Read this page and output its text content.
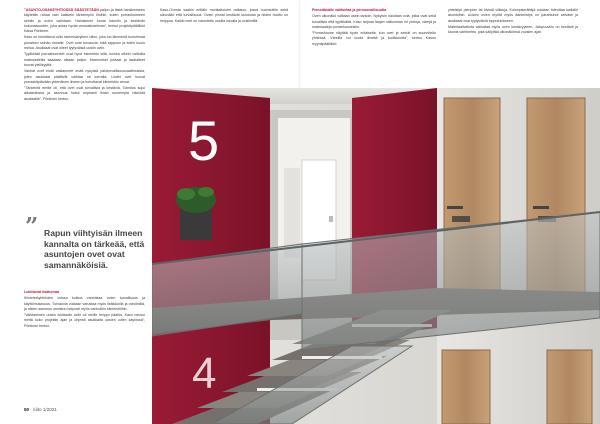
”ASUNTO-OSAKEYHTIÖSSÄ SÄÄSTETÄÄN paljon ja tästä hankkeeseen käytettiin rahaa vain kaikkein tärkeimpiin tiloihin, kuten porrashuoneen seiniin ja ovien valintaan. Halusimme luoda kauniin ja kestävän kokonaisuuden, joka antaa hyvän ensivaikutelman”, kertoo projektipäällikkö Kaisa Pöntinen.

Kaso on toimittanut oviin tammisävyisen viilun, joka luo lämmintä tunnelmaa punaisen seinän rinnalle. Ovet ovat turvaovia, eikä rappuun ja kotiin kuulu melua. Asukkaat ovat olleet tyytyväisiä uusiin oviin.

Tyylikkäät porrashuoneet ovat hyvä esimerkki siitä, kuinka oikein valituilla materiaaleilla saadaan aikaan paljon. Marmoriset portaat ja lasikaiteet tuovat ylellisyyttä.

Vanhat ovet eivät vastanneet enää nykyisiä paloturvallisuusvaatimuksia, joten asukkaat päättivät vaihtaa ne kerralla. Uudet ovet tuovat porraskäytävään yhtenäisen ilmeen ja kohottavat kiinteistön arvoa.

”Tärkeintä meille oli, että ovet ovat turvallisia ja kestäviä. Toimitus sujui aikataulussa ja asennus hoitui nopeasti ilman suurempia häiriöitä asukkaille”, Pöntinen kertoo.

” Rapun viihtyisän ilmeen kannalta on tärkeää, että asuntojen ovet ovat samannäköisiä.

Lukittuvat lisäturvaa

Kiinteistöyhtiöiden ovissa kulkua varmistaa ovien turvallisuus ja käyttömukavuus. Turvaovia voidaan varustaa myös lisälukoilla ja ovisilmillä, ja niiden asennus onnistuu helposti myös vanhoihin kiinteistöihin.

”Vaihtaminen uusiin lukittaviin oviin oli meille helppo päätös. Kaso neuvoi meitä koko projektin ajan ja ohjeisti asukkaita uusien ovien käytössä”, Pöntinen kertoo.

Kaso-Ovesta saatiin erittäin monitaitoinen ratkaisu, jossa huomioitiin sekä ulkonäkö että turvallisuus. Ovien pinnat kestävät kulutusta ja niiden huolto on helppoa. Kaikki ovet on varustettu uusilla lukoilla ja ovisilmillä.

Pienettävälle valitsetaa ja persoonallisuutta

Oven ulkonäkö valitaan usein tarkoin. Nykyisin halutaan ovia, jotka ovat sekä turvallisia että tyylikkäitä. Kaso tarjoaa laajan valikoiman eri pintoja, värejä ja materiaaleja porrashuoneisiin.

”Porrashuone näyttää hyvin erilaiselta, kun ovet ja seinät on suunniteltu yhdessä. Väreillä voi luoda ilmettä ja kodikkuutta”, kertoo Kason myyntipäällikkö.

yhteistyö pienpien tai tiivistä vilkkuja. Kulunpiserättäjä voidaan toteuttaa kaikkiin asuntoihin. Uusien ovien myötä myös äänieristys on parantunut selvästi ja asukkaat ovat tyytyväisiä lopputulokseen.

Materiaalivalinta vaikuttaa myös oven kestävyyteen. Jalopuuviilu on kestävä ja kaunis vaihtoehto, joka säilyttää ulkonäkönsä vuosien ajan.

5
4
50 kiito 1/2021
